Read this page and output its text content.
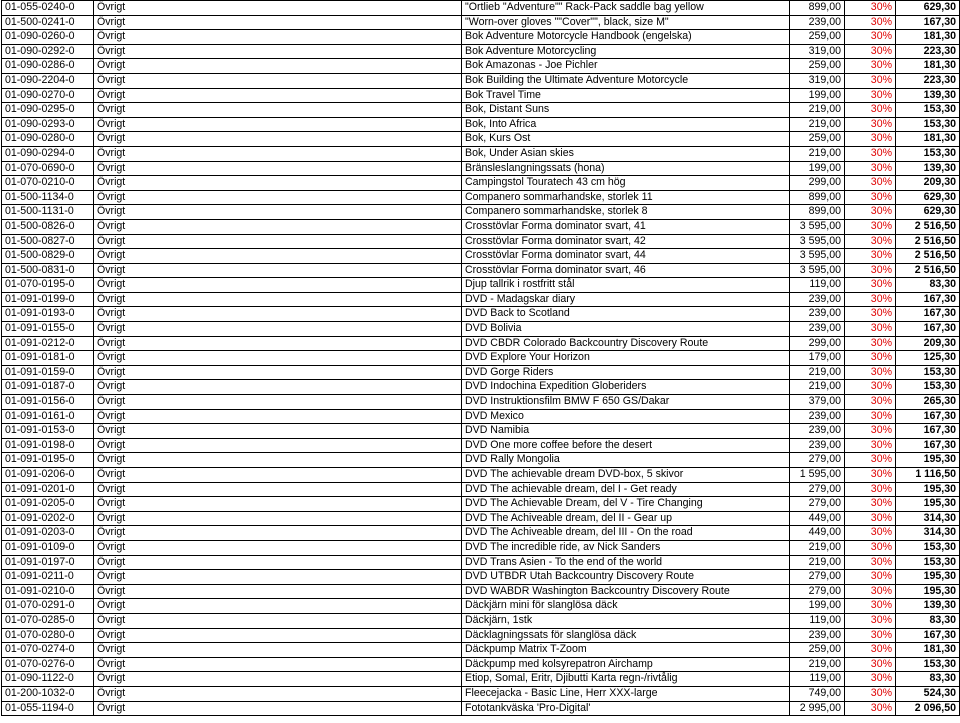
01-055-0240-0	Övrigt	"Ortlieb "Adventure"" Rack-Pack saddle bag yellow	899,00	30%	629,30
01-500-0241-0	Övrigt	"Worn-over gloves ""Cover"", black, size M"	239,00	30%	167,30
01-090-0260-0	Övrigt	Bok Adventure Motorcycle Handbook (engelska)	259,00	30%	181,30
01-090-0292-0	Övrigt	Bok Adventure Motorcycling	319,00	30%	223,30
01-090-0286-0	Övrigt	Bok Amazonas - Joe Pichler	259,00	30%	181,30
01-090-2204-0	Övrigt	Bok Building the Ultimate Adventure Motorcycle	319,00	30%	223,30
01-090-0270-0	Övrigt	Bok Travel Time	199,00	30%	139,30
01-090-0295-0	Övrigt	Bok, Distant Suns	219,00	30%	153,30
01-090-0293-0	Övrigt	Bok, Into Africa	219,00	30%	153,30
01-090-0280-0	Övrigt	Bok, Kurs Ost	259,00	30%	181,30
01-090-0294-0	Övrigt	Bok, Under Asian skies	219,00	30%	153,30
01-070-0690-0	Övrigt	Bränsleslangningssats (hona)	199,00	30%	139,30
01-070-0210-0	Övrigt	Campingstol Touratech 43 cm hög	299,00	30%	209,30
01-500-1134-0	Övrigt	Companero sommarhandske, storlek 11	899,00	30%	629,30
01-500-1131-0	Övrigt	Companero sommarhandske, storlek 8	899,00	30%	629,30
01-500-0826-0	Övrigt	Crosstövlar Forma dominator svart, 41	3 595,00	30%	2 516,50
01-500-0827-0	Övrigt	Crosstövlar Forma dominator svart, 42	3 595,00	30%	2 516,50
01-500-0829-0	Övrigt	Crosstövlar Forma dominator svart, 44	3 595,00	30%	2 516,50
01-500-0831-0	Övrigt	Crosstövlar Forma dominator svart, 46	3 595,00	30%	2 516,50
01-070-0195-0	Övrigt	Djup tallrik i rostfritt stål	119,00	30%	83,30
01-091-0199-0	Övrigt	DVD - Madagskar diary	239,00	30%	167,30
01-091-0193-0	Övrigt	DVD Back to Scotland	239,00	30%	167,30
01-091-0155-0	Övrigt	DVD Bolivia	239,00	30%	167,30
01-091-0212-0	Övrigt	DVD CBDR Colorado Backcountry Discovery Route	299,00	30%	209,30
01-091-0181-0	Övrigt	DVD Explore Your Horizon	179,00	30%	125,30
01-091-0159-0	Övrigt	DVD Gorge Riders	219,00	30%	153,30
01-091-0187-0	Övrigt	DVD Indochina Expedition Globeriders	219,00	30%	153,30
01-091-0156-0	Övrigt	DVD Instruktionsfilm BMW F 650 GS/Dakar	379,00	30%	265,30
01-091-0161-0	Övrigt	DVD Mexico	239,00	30%	167,30
01-091-0153-0	Övrigt	DVD Namibia	239,00	30%	167,30
01-091-0198-0	Övrigt	DVD One more coffee before the desert	239,00	30%	167,30
01-091-0195-0	Övrigt	DVD Rally Mongolia	279,00	30%	195,30
01-091-0206-0	Övrigt	DVD The achievable dream DVD-box, 5 skivor	1 595,00	30%	1 116,50
01-091-0201-0	Övrigt	DVD The achievable dream, del I - Get ready	279,00	30%	195,30
01-091-0205-0	Övrigt	DVD The Achievable Dream, del V - Tire Changing	279,00	30%	195,30
01-091-0202-0	Övrigt	DVD The Achiveable dream, del II - Gear up	449,00	30%	314,30
01-091-0203-0	Övrigt	DVD The Achiveable dream, del III - On the road	449,00	30%	314,30
01-091-0109-0	Övrigt	DVD The incredible ride, av Nick Sanders	219,00	30%	153,30
01-091-0197-0	Övrigt	DVD Trans Asien - To the end of the world	219,00	30%	153,30
01-091-0211-0	Övrigt	DVD UTBDR Utah Backcountry Discovery Route	279,00	30%	195,30
01-091-0210-0	Övrigt	DVD WABDR Washington Backcountry Discovery Route	279,00	30%	195,30
01-070-0291-0	Övrigt	Däckjärn mini för slanglösa däck	199,00	30%	139,30
01-070-0285-0	Övrigt	Däckjärn, 1stk	119,00	30%	83,30
01-070-0280-0	Övrigt	Däcklagningssats för slanglösa däck	239,00	30%	167,30
01-070-0274-0	Övrigt	Däckpump Matrix T-Zoom	259,00	30%	181,30
01-070-0276-0	Övrigt	Däckpump med kolsyrepatron Airchamp	219,00	30%	153,30
01-090-1122-0	Övrigt	Etiop, Somal, Eritr, Djibutti Karta regn-/rivtålig	119,00	30%	83,30
01-200-1032-0	Övrigt	Fleecejacka - Basic Line, Herr XXX-large	749,00	30%	524,30
01-055-1194-0	Övrigt	Fototankväska 'Pro-Digital'	2 995,00	30%	2 096,50
